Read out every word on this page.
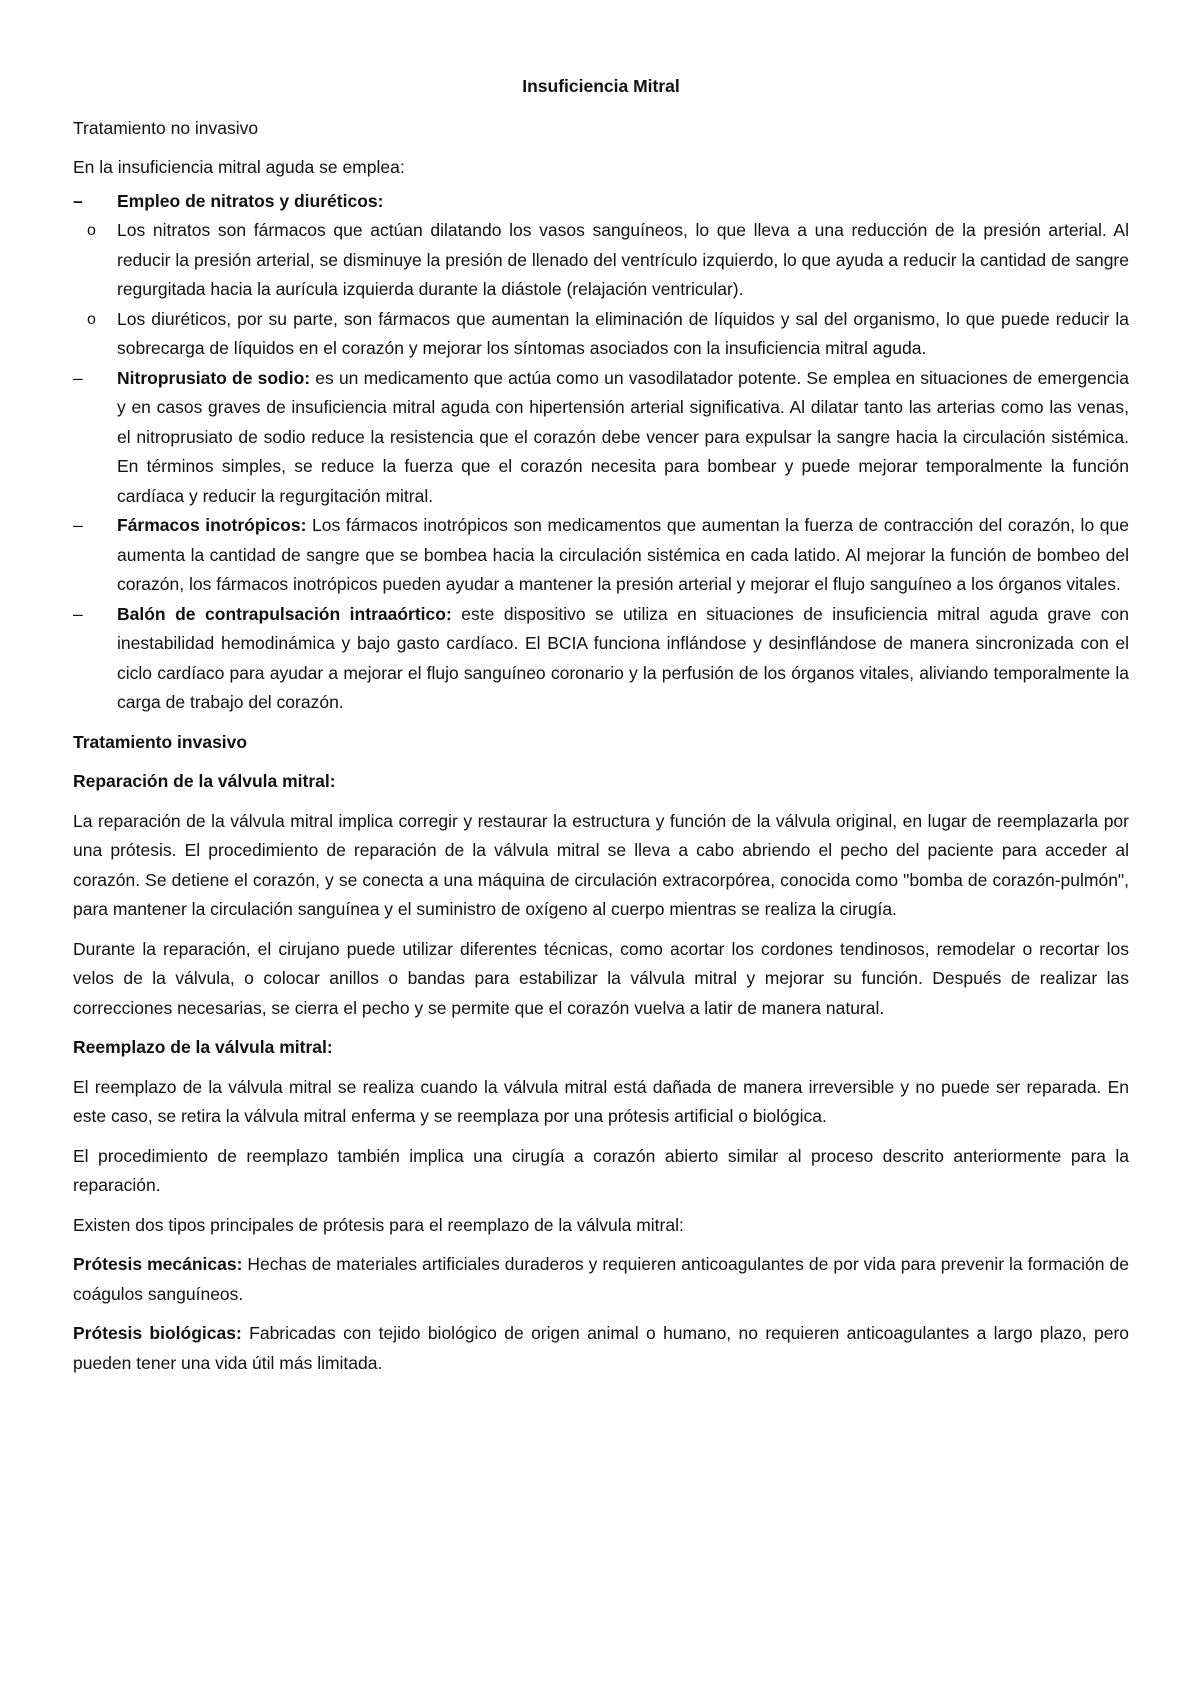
Insuficiencia Mitral

Tratamiento no invasivo

En la insuficiencia mitral aguda se emplea:

–	Empleo de nitratos y diuréticos:
o	Los nitratos son fármacos que actúan dilatando los vasos sanguíneos, lo que lleva a una reducción de la presión arterial. Al reducir la presión arterial, se disminuye la presión de llenado del ventrículo izquierdo, lo que ayuda a reducir la cantidad de sangre regurgitada hacia la aurícula izquierda durante la diástole (relajación ventricular).
o	Los diuréticos, por su parte, son fármacos que aumentan la eliminación de líquidos y sal del organismo, lo que puede reducir la sobrecarga de líquidos en el corazón y mejorar los síntomas asociados con la insuficiencia mitral aguda.
–	Nitroprusiato de sodio: es un medicamento que actúa como un vasodilatador potente. Se emplea en situaciones de emergencia y en casos graves de insuficiencia mitral aguda con hipertensión arterial significativa. Al dilatar tanto las arterias como las venas, el nitroprusiato de sodio reduce la resistencia que el corazón debe vencer para expulsar la sangre hacia la circulación sistémica. En términos simples, se reduce la fuerza que el corazón necesita para bombear y puede mejorar temporalmente la función cardíaca y reducir la regurgitación mitral.
–	Fármacos inotrópicos: Los fármacos inotrópicos son medicamentos que aumentan la fuerza de contracción del corazón, lo que aumenta la cantidad de sangre que se bombea hacia la circulación sistémica en cada latido. Al mejorar la función de bombeo del corazón, los fármacos inotrópicos pueden ayudar a mantener la presión arterial y mejorar el flujo sanguíneo a los órganos vitales.
–	Balón de contrapulsación intraaórtico: este dispositivo se utiliza en situaciones de insuficiencia mitral aguda grave con inestabilidad hemodinámica y bajo gasto cardíaco. El BCIA funciona inflándose y desinflándose de manera sincronizada con el ciclo cardíaco para ayudar a mejorar el flujo sanguíneo coronario y la perfusión de los órganos vitales, aliviando temporalmente la carga de trabajo del corazón.

Tratamiento invasivo

Reparación de la válvula mitral:

La reparación de la válvula mitral implica corregir y restaurar la estructura y función de la válvula original, en lugar de reemplazarla por una prótesis. El procedimiento de reparación de la válvula mitral se lleva a cabo abriendo el pecho del paciente para acceder al corazón. Se detiene el corazón, y se conecta a una máquina de circulación extracorpórea, conocida como "bomba de corazón-pulmón", para mantener la circulación sanguínea y el suministro de oxígeno al cuerpo mientras se realiza la cirugía.

Durante la reparación, el cirujano puede utilizar diferentes técnicas, como acortar los cordones tendinosos, remodelar o recortar los velos de la válvula, o colocar anillos o bandas para estabilizar la válvula mitral y mejorar su función. Después de realizar las correcciones necesarias, se cierra el pecho y se permite que el corazón vuelva a latir de manera natural.

Reemplazo de la válvula mitral:

El reemplazo de la válvula mitral se realiza cuando la válvula mitral está dañada de manera irreversible y no puede ser reparada. En este caso, se retira la válvula mitral enferma y se reemplaza por una prótesis artificial o biológica.

El procedimiento de reemplazo también implica una cirugía a corazón abierto similar al proceso descrito anteriormente para la reparación.

Existen dos tipos principales de prótesis para el reemplazo de la válvula mitral:

Prótesis mecánicas: Hechas de materiales artificiales duraderos y requieren anticoagulantes de por vida para prevenir la formación de coágulos sanguíneos.

Prótesis biológicas: Fabricadas con tejido biológico de origen animal o humano, no requieren anticoagulantes a largo plazo, pero pueden tener una vida útil más limitada.
